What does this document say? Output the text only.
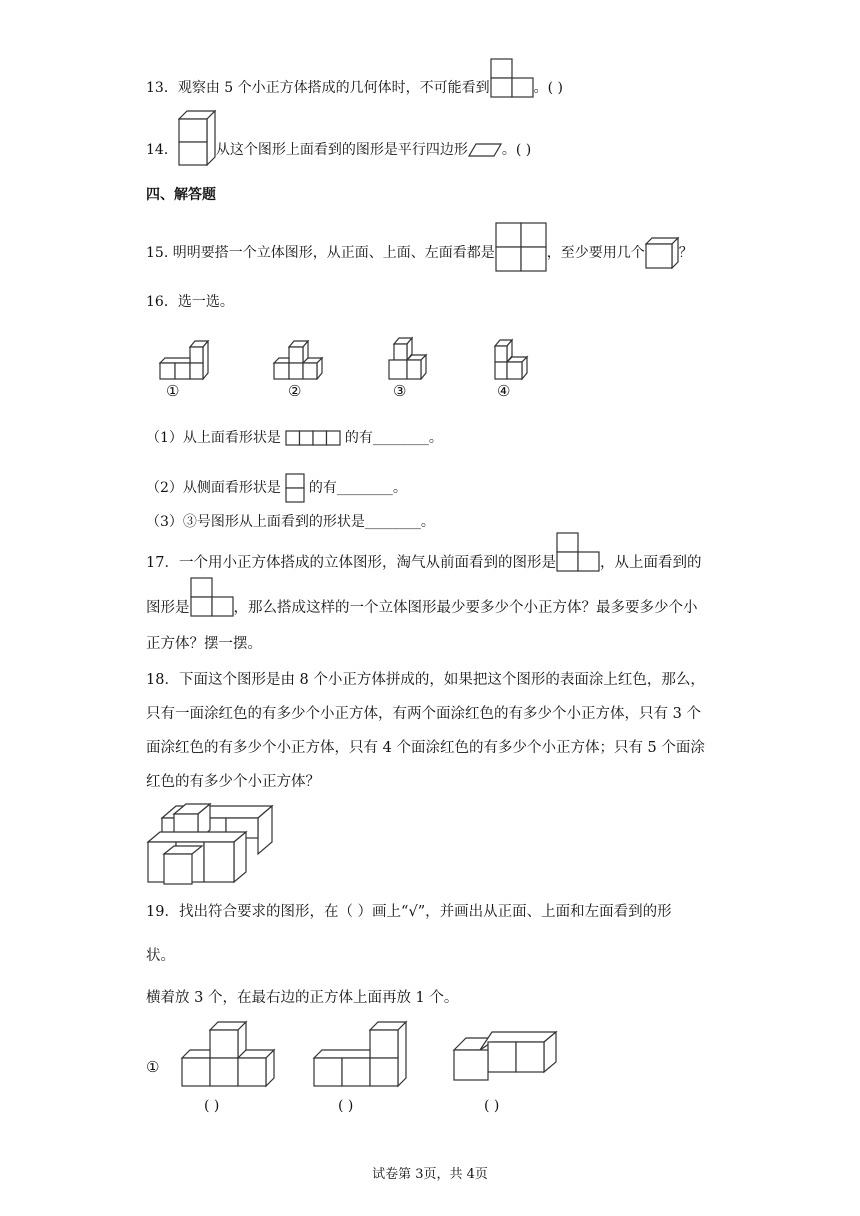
13．观察由 5 个小正方体搭成的几何体时，不可能看到	。( )
14．	从这个图形上面看到的图形是平行四边形 。( )
四、解答题
15. 明明要搭一个立体图形，从正面、上面、左面看都是	，至少要用几个 ？
16．选一选。
①	②	③	④
（1）从上面看形状是	的有________。
（2）从侧面看形状是 的有________。
（3）③号图形从上面看到的形状是________。
17．一个用小正方体搭成的立体图形，淘气从前面看到的图形是	，从上面看到的
图形是	，那么搭成这样的一个立体图形最少要多少个小正方体？最多要多少个小
正方体？摆一摆。
18．下面这个图形是由 8 个小正方体拼成的，如果把这个图形的表面涂上红色，那么，
只有一面涂红色的有多少个小正方体，有两个面涂红色的有多少个小正方体，只有 3 个
面涂红色的有多少个小正方体，只有 4 个面涂红色的有多少个小正方体；只有 5 个面涂
红色的有多少个小正方体？
19．找出符合要求的图形，在（ ）画上“√”，并画出从正面、上面和左面看到的形
状。
横着放 3 个，在最右边的正方体上面再放 1 个。
①
( )	( )	( )
试卷第 3页，共 4页
